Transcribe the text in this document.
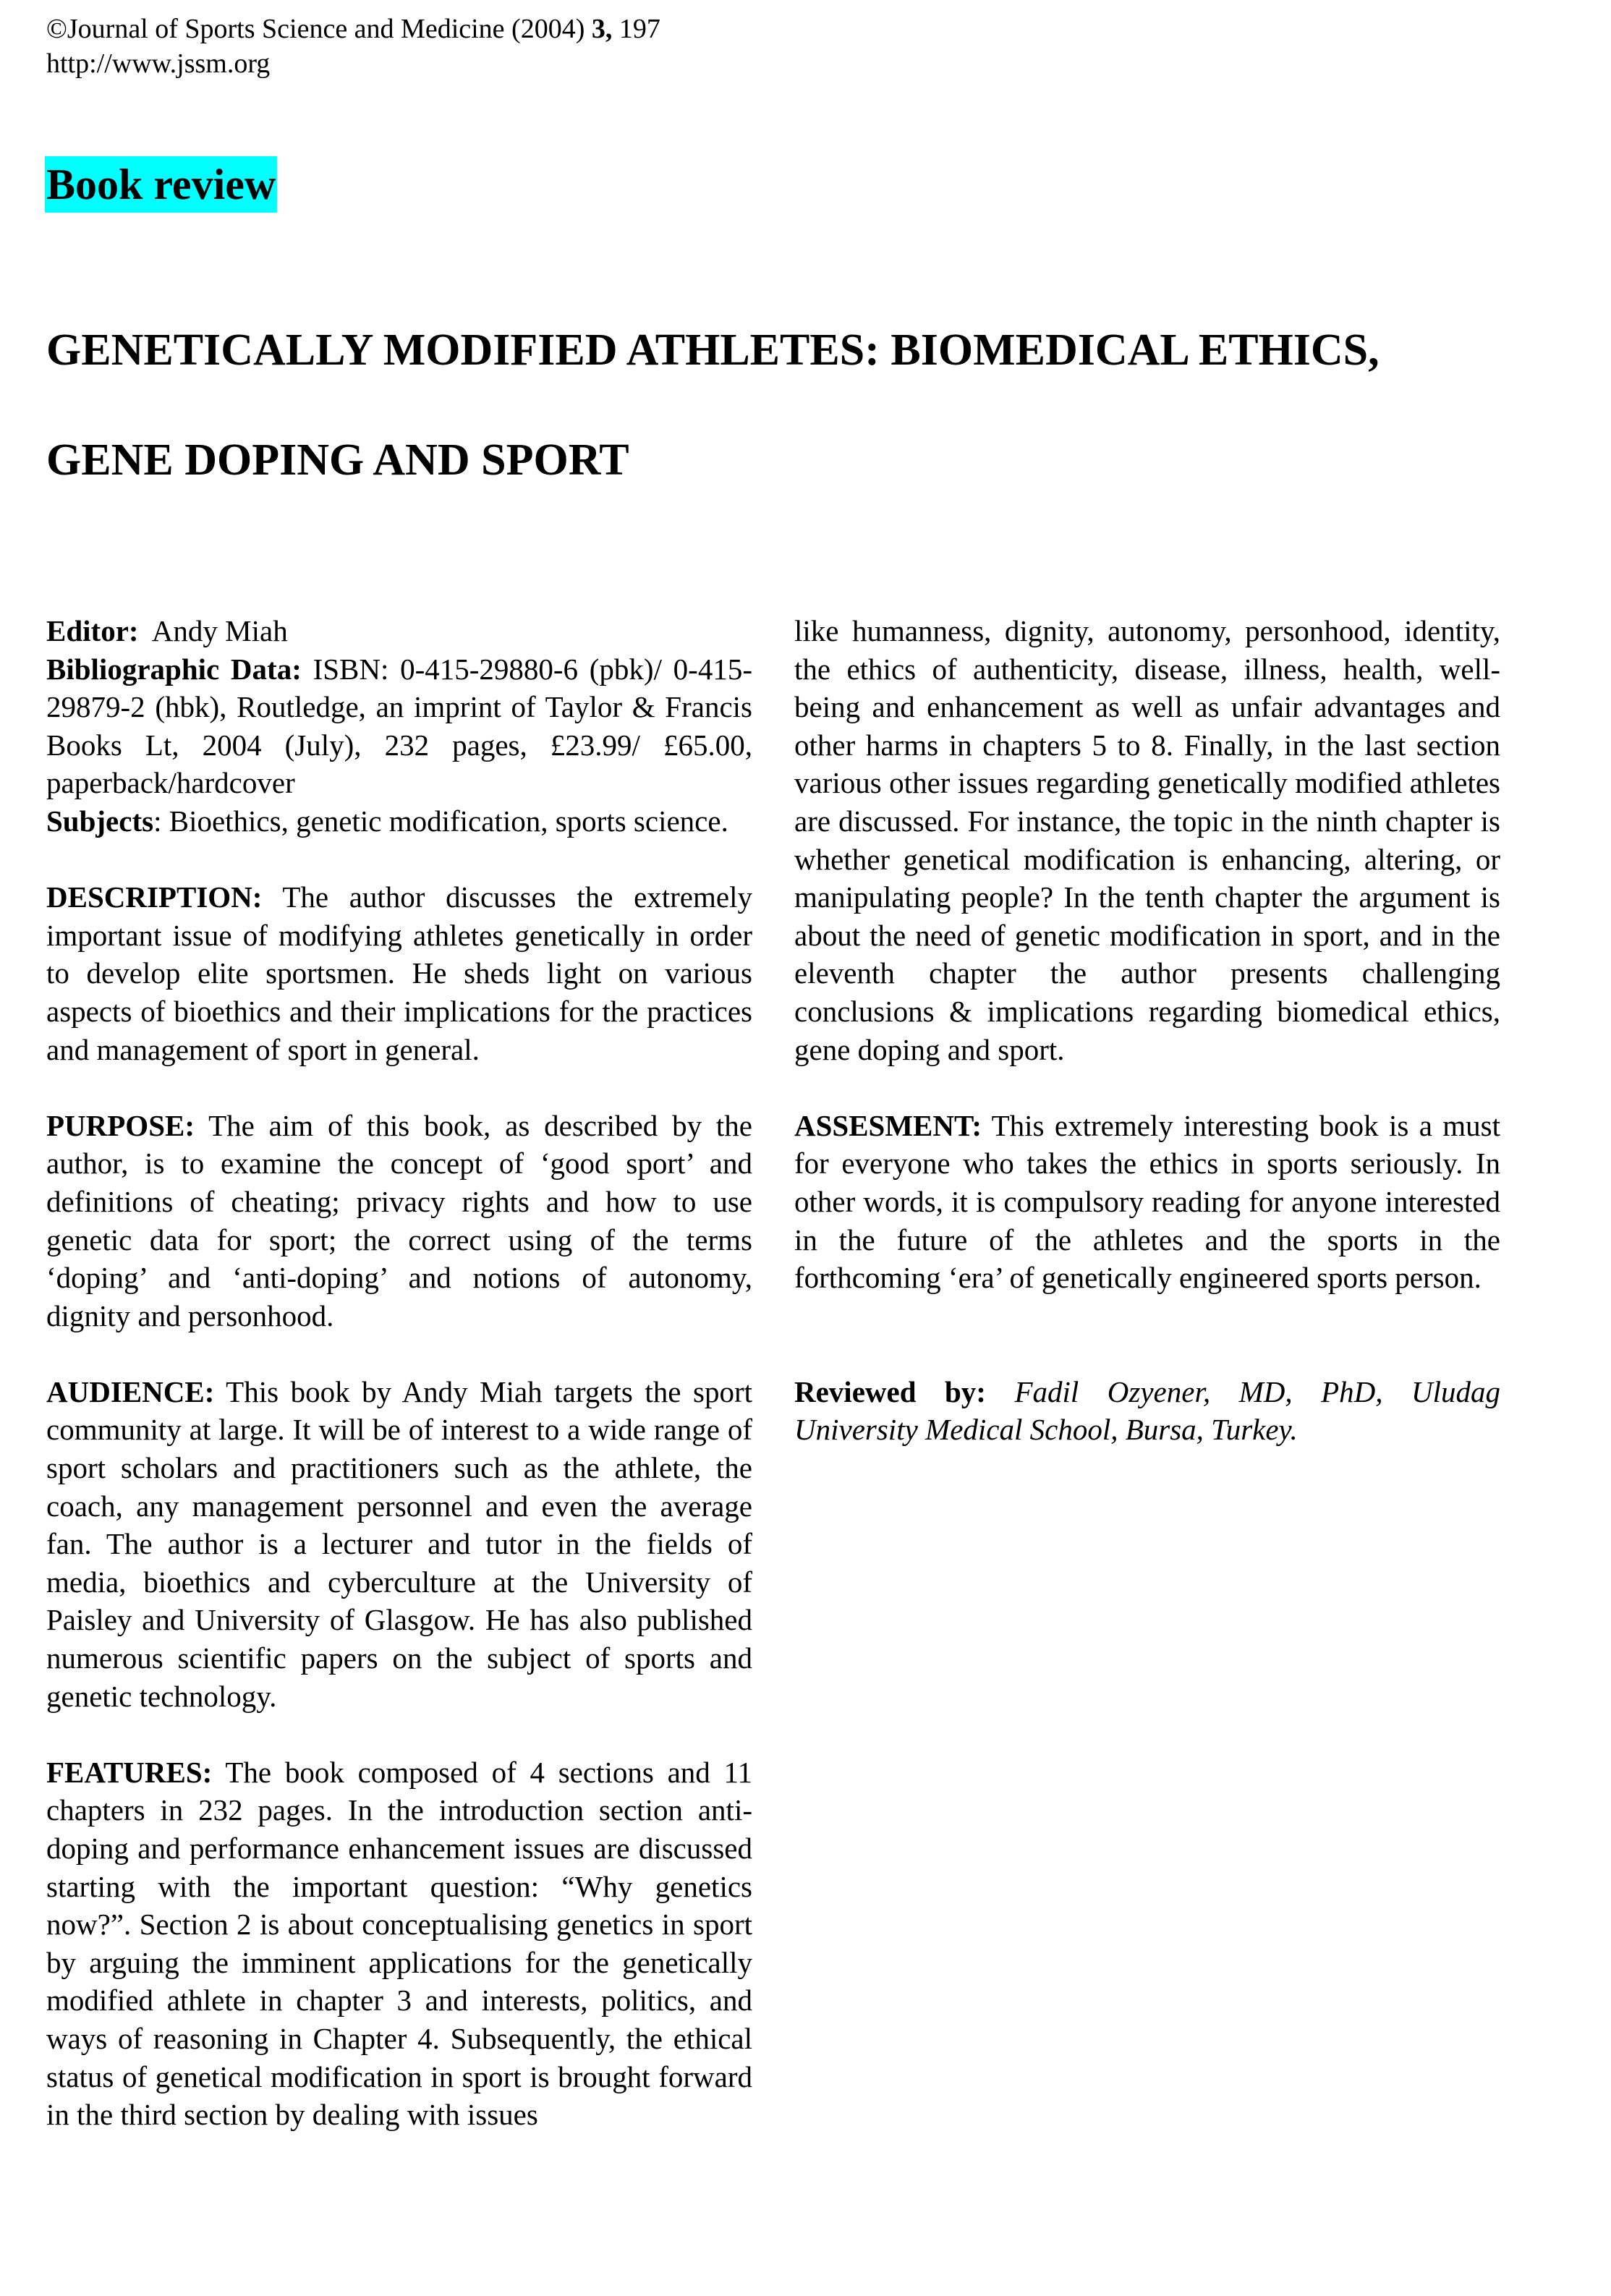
©Journal of Sports Science and Medicine (2004) 3, 197
http://www.jssm.org
Book review
GENETICALLY MODIFIED ATHLETES: BIOMEDICAL ETHICS,
GENE DOPING AND SPORT

Editor:  Andy Miah

Bibliographic Data: ISBN: 0-415-29880-6 (pbk)/ 0-415-29879-2 (hbk), Routledge, an imprint of Taylor & Francis Books Lt, 2004 (July), 232 pages, £23.99/ £65.00, paperback/hardcover

Subjects: Bioethics, genetic modification, sports science.

DESCRIPTION: The author discusses the extremely important issue of modifying athletes genetically in order to develop elite sportsmen. He sheds light on various aspects of bioethics and their implications for the practices and management of sport in general.

PURPOSE: The aim of this book, as described by the author, is to examine the concept of ‘good sport’ and definitions of cheating; privacy rights and how to use genetic data for sport; the correct using of the terms ‘doping’ and ‘anti-doping’ and notions of autonomy, dignity and personhood.

AUDIENCE: This book by Andy Miah targets the sport community at large. It will be of interest to a wide range of sport scholars and practitioners such as the athlete, the coach, any management personnel and even the average fan. The author is a lecturer and tutor in the fields of media, bioethics and cyberculture at the University of Paisley and University of Glasgow. He has also published numerous scientific papers on the subject of sports and genetic technology.

FEATURES: The book composed of 4 sections and 11 chapters in 232 pages. In the introduction section anti-doping and performance enhancement issues are discussed starting with the important question: “Why genetics now?”. Section 2 is about conceptualising genetics in sport by arguing the imminent applications for the genetically modified athlete in chapter 3 and interests, politics, and ways of reasoning in Chapter 4. Subsequently, the ethical status of genetical modification in sport is brought forward in the third section by dealing with issues

like humanness, dignity, autonomy, personhood, identity, the ethics of authenticity, disease, illness, health, well-being and enhancement as well as unfair advantages and other harms in chapters 5 to 8. Finally, in the last section various other issues regarding genetically modified athletes are discussed. For instance, the topic in the ninth chapter is whether genetical modification is enhancing, altering, or manipulating people? In the tenth chapter the argument is about the need of genetic modification in sport, and in the eleventh chapter the author presents challenging conclusions & implications regarding biomedical ethics, gene doping and sport.

ASSESMENT: This extremely interesting book is a must for everyone who takes the ethics in sports seriously. In other words, it is compulsory reading for anyone interested in the future of the athletes and the sports in the forthcoming ‘era’ of genetically engineered sports person.

Reviewed by: Fadil Ozyener, MD, PhD, Uludag University Medical School, Bursa, Turkey.
